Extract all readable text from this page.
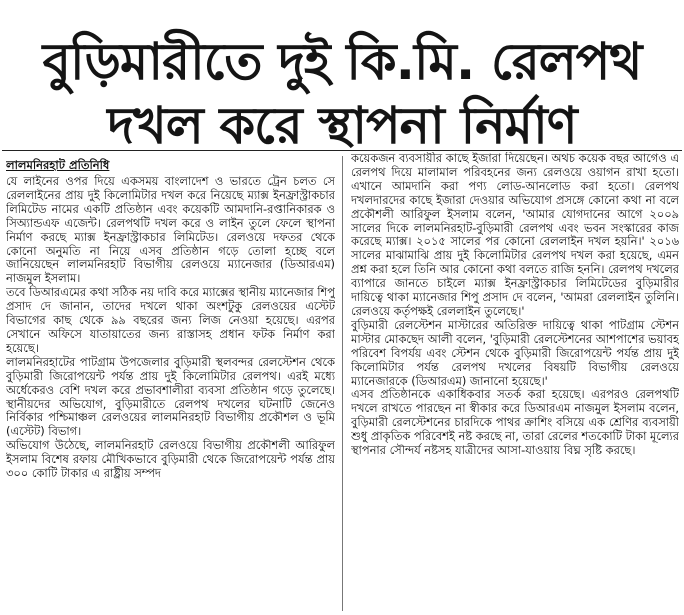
বুড়িমারীতে দুই কি.মি. রেলপথ
দখল করে স্থাপনা নির্মাণ
লালমনিরহাট প্রতিনিধি

যে লাইনের ওপর দিয়ে একসময় বাংলাদেশ ও ভারতে ট্রেন চলত সে রেললাইনের প্রায় দুই কিলোমিটার দখল করে নিয়েছে ম্যাক্স ইনফ্রাস্ট্রাকচার লিমিটেড নামের একটি প্রতিষ্ঠান এবং কয়েকটি আমদানি-রপ্তানিকারক ও সিঅ্যান্ডএফ এজেন্ট। রেলপথটি দখল করে ও লাইন তুলে ফেলে স্থাপনা নির্মাণ করছে ম্যাক্স ইনফ্রাস্ট্রাকচার লিমিটেড। রেলওয়ে দফতর থেকে কোনো অনুমতি না নিয়ে এসব প্রতিষ্ঠান গড়ে তোলা হচ্ছে বলে জানিয়েছেন লালমনিরহাট বিভাগীয় রেলওয়ে ম্যানেজার (ডিআরএম) নাজমুল ইসলাম।

তবে ডিআরএমের কথা সঠিক নয় দাবি করে ম্যাক্সের স্থানীয় ম্যানেজার শিপু প্রসাদ দে জানান, তাদের দখলে থাকা অংশটুকু রেলওয়ের এস্টেট বিভাগের কাছ থেকে ৯৯ বছরের জন্য লিজ নেওয়া হয়েছে। এরপর সেখানে অফিসে যাতায়াতের জন্য রাস্তাসহ প্রধান ফটক নির্মাণ করা হয়েছে।

লালমনিরহাটের পাটগ্রাম উপজেলার বুড়িমারী স্থলবন্দর রেলস্টেশন থেকে বুড়িমারী জিরোপয়েন্ট পর্যন্ত প্রায় দুই কিলোমিটার রেলপথ। এরই মধ্যে অর্ধেকেরও বেশি দখল করে প্রভাবশালীরা ব্যবসা প্রতিষ্ঠান গড়ে তুলেছে। স্থানীয়দের অভিযোগ, বুড়িমারীতে রেলপথ দখলের ঘটনাটি জেনেও নির্বিকার পশ্চিমাঞ্চল রেলওয়ের লালমনিরহাট বিভাগীয় প্রকৌশল ও ভূমি (এস্টেট) বিভাগ।

অভিযোগ উঠেছে, লালমনিরহাট রেলওয়ে বিভাগীয় প্রকৌশলী আরিফুল ইসলাম বিশেষ রফায় মৌখিকভাবে বুড়িমারী থেকে জিরোপয়েন্ট পর্যন্ত প্রায় ৩০০ কোটি টাকার এ রাষ্ট্রীয় সম্পদ

কয়েকজন ব্যবসায়ীর কাছে ইজারা দিয়েছেন। অথচ কয়েক বছর আগেও এ রেলপথ দিয়ে মালামাল পরিবহনের জন্য রেলওয়ে ওয়াগন রাখা হতো। এখানে আমদানি করা পণ্য লোড-আনলোড করা হতো। রেলপথ দখলদারদের কাছে ইজারা দেওয়ার অভিযোগ প্রসঙ্গে কোনো কথা না বলে প্রকৌশলী আরিফুল ইসলাম বলেন, 'আমার যোগদানের আগে ২০০৯ সালের দিকে লালমনিরহাট-বুড়িমারী রেলপথ এবং ভবন সংস্কারের কাজ করেছে ম্যাক্স। ২০১৫ সালের পর কোনো রেললাইন দখল হয়নি।' ২০১৬ সালের মাঝামাঝি প্রায় দুই কিলোমিটার রেলপথ দখল করা হয়েছে, এমন প্রশ্ন করা হলে তিনি আর কোনো কথা বলতে রাজি হননি। রেলপথ দখলের ব্যাপারে জানতে চাইলে ম্যাক্স ইনফ্রাস্ট্রাকচার লিমিটেডের বুড়িমারীর দায়িত্বে থাকা ম্যানেজার শিপু প্রসাদ দে বলেন, 'আমরা রেললাইন তুলিনি। রেলওয়ে কর্তৃপক্ষই রেললাইন তুলেছে।'

বুড়িমারী রেলস্টেশন মাস্টারের অতিরিক্ত দায়িত্বে থাকা পাটগ্রাম স্টেশন মাস্টার মোকছেদ আলী বলেন, 'বুড়িমারী রেলস্টেশনের আশপাশের ভয়াবহ পরিবেশ বিপর্যয় এবং স্টেশন থেকে বুড়িমারী জিরোপয়েন্ট পর্যন্ত প্রায় দুই কিলোমিটার পর্যন্ত রেলপথ দখলের বিষয়টি বিভাগীয় রেলওয়ে ম্যানেজারকে (ডিআরএম) জানানো হয়েছে।'

এসব প্রতিষ্ঠানকে একাধিকবার সতর্ক করা হয়েছে। এরপরও রেলপথটি দখলে রাখতে পারছেন না স্বীকার করে ডিআরএম নাজমুল ইসলাম বলেন, বুড়িমারী রেলস্টেশনের চারদিকে পাথর ক্রাশিং বসিয়ে এক শ্রেণির ব্যবসায়ী শুধু প্রাকৃতিক পরিবেশই নষ্ট করছে না, তারা রেলের শতকোটি টাকা মূল্যের স্থাপনার সৌন্দর্য নষ্টসহ যাত্রীদের আসা-যাওয়ায় বিঘ্ন সৃষ্টি করছে।
